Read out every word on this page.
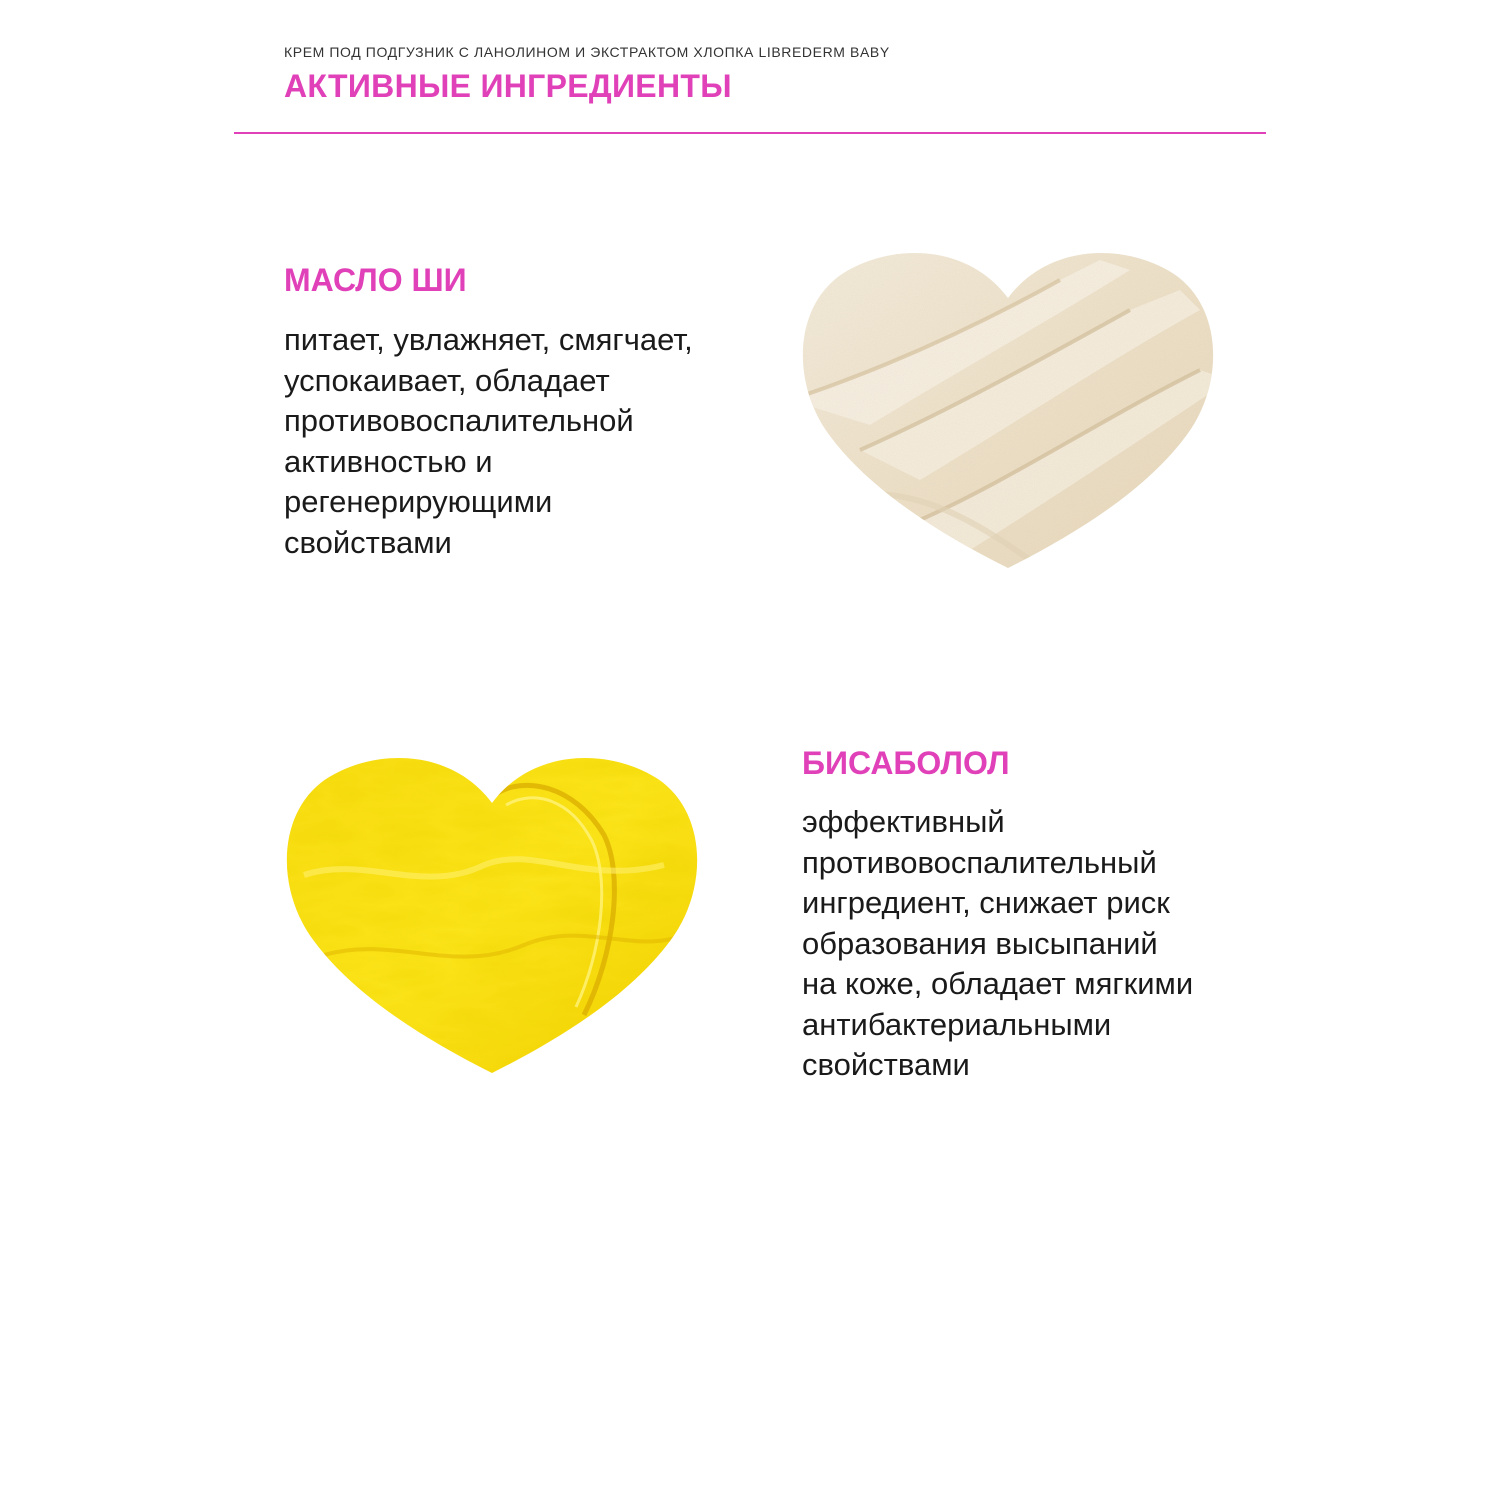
КРЕМ ПОД ПОДГУЗНИК С ЛАНОЛИНОМ И ЭКСТРАКТОМ ХЛОПКА LIBREDERM BABY
АКТИВНЫЕ ИНГРЕДИЕНТЫ
МАСЛО ШИ
питает, увлажняет, смягчает,
успокаивает, обладает
противовоспалительной
активностью и
регенерирующими
свойствами
БИСАБОЛОЛ
эффективный
противовоспалительный
ингредиент, снижает риск
образования высыпаний
на коже, обладает мягкими
антибактериальными
свойствами
